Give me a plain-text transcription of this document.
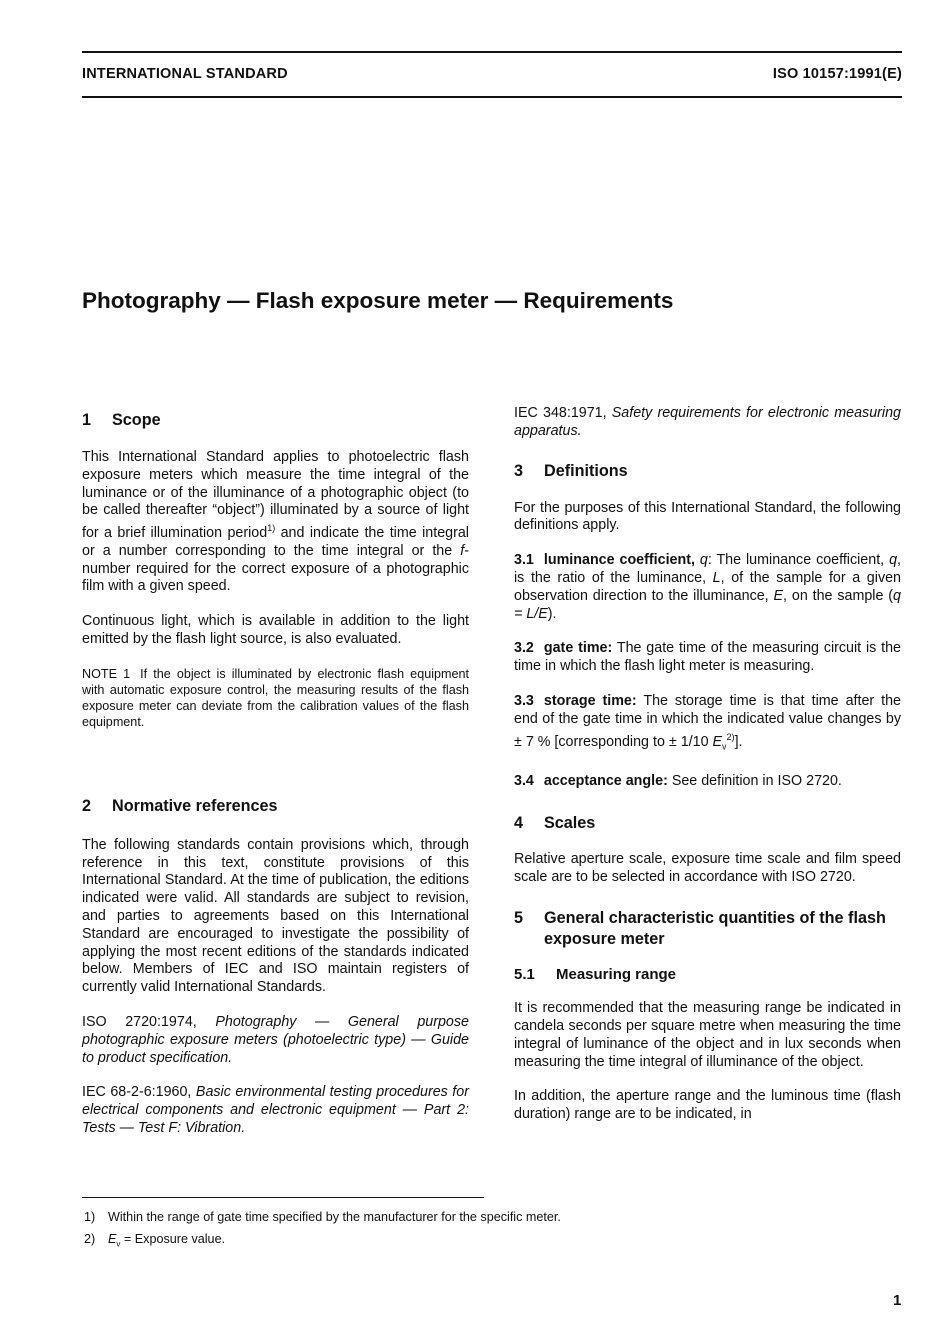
INTERNATIONAL STANDARD	ISO 10157:1991(E)
Photography — Flash exposure meter — Requirements
1 Scope

This International Standard applies to photoelectric flash exposure meters which measure the time integral of the luminance or of the illuminance of a photographic object (to be called thereafter “object”) illuminated by a source of light for a brief illumination period$^{1)}$ and indicate the time integral or a number corresponding to the time integral or the f-number required for the correct exposure of a photographic film with a given speed.

Continuous light, which is available in addition to the light emitted by the flash light source, is also evaluated.

NOTE 1 If the object is illuminated by electronic flash equipment with automatic exposure control, the measuring results of the flash exposure meter can deviate from the calibration values of the flash equipment.

2 Normative references

The following standards contain provisions which, through reference in this text, constitute provisions of this International Standard. At the time of publication, the editions indicated were valid. All standards are subject to revision, and parties to agreements based on this International Standard are encouraged to investigate the possibility of applying the most recent editions of the standards indicated below. Members of IEC and ISO maintain registers of currently valid International Standards.

ISO 2720:1974, Photography — General purpose photographic exposure meters (photoelectric type) — Guide to product specification.

IEC 68-2-6:1960, Basic environmental testing procedures for electrical components and electronic equipment — Part 2: Tests — Test F: Vibration.

IEC 348:1971, Safety requirements for electronic measuring apparatus.

3 Definitions

For the purposes of this International Standard, the following definitions apply.

3.1 luminance coefficient, q: The luminance coefficient, q, is the ratio of the luminance, L, of the sample for a given observation direction to the illuminance, E, on the sample (q = L/E).

3.2 gate time: The gate time of the measuring circuit is the time in which the flash light meter is measuring.

3.3 storage time: The storage time is that time after the end of the gate time in which the indicated value changes by ± 7 % [corresponding to ± 1/10 $E_v^{2)}$].

3.4 acceptance angle: See definition in ISO 2720.

4 Scales

Relative aperture scale, exposure time scale and film speed scale are to be selected in accordance with ISO 2720.

5	General characteristic quantities of the flash exposure meter
5.1 Measuring range

It is recommended that the measuring range be indicated in candela seconds per square metre when measuring the time integral of luminance of the object and in lux seconds when measuring the time integral of illuminance of the object.

In addition, the aperture range and the luminous time (flash duration) range are to be indicated, in

1) Within the range of gate time specified by the manufacturer for the specific meter.
2) $E_v$ = Exposure value.
1
